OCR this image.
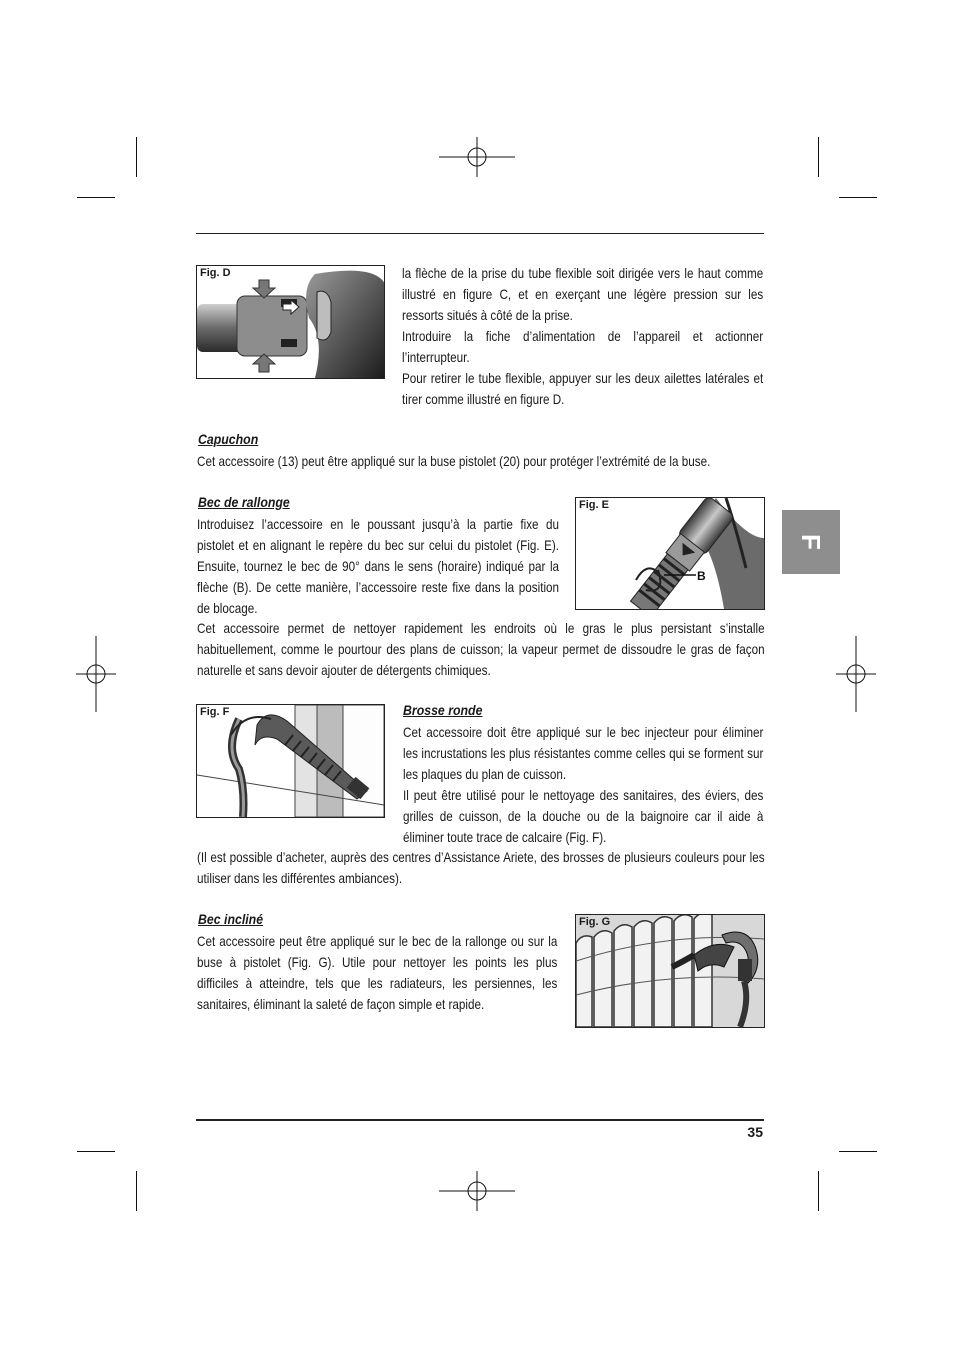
F
Fig. D	la flèche de la prise du tube flexible soit dirigée vers le haut comme illustré en figure C, et en exerçant une légère pression sur les ressorts situés à côté de la prise.

Introduire la fiche d’alimentation de l’appareil et actionner l’interrupteur.

Pour retirer le tube flexible, appuyer sur les deux ailettes latérales et tirer comme illustré en figure D.

Capuchon

Cet accessoire (13) peut être appliqué sur la buse pistolet (20) pour protéger l’extrémité de la buse.

Bec de rallonge

Introduisez l’accessoire en le poussant jusqu’à la partie fixe du pistolet et en alignant le repère du bec sur celui du pistolet (Fig. E). Ensuite, tournez le bec de 90° dans le sens (horaire) indiqué par la flèche (B). De cette manière, l’accessoire reste fixe dans la position de blocage.

Cet accessoire permet de nettoyer rapidement les endroits où le gras le plus persistant s’installe habituellement, comme le pourtour des plans de cuisson; la vapeur permet de dissoudre le gras de façon naturelle et sans devoir ajouter de détergents chimiques.

Fig. E
B
Fig. F	Brosse ronde

Cet accessoire doit être appliqué sur le bec injecteur pour éliminer les incrustations les plus résistantes comme celles qui se forment sur les plaques du plan de cuisson.

Il peut être utilisé pour le nettoyage des sanitaires, des éviers, des grilles de cuisson, de la douche ou de la baignoire car il aide à éliminer toute trace de calcaire (Fig. F).

(Il est possible d’acheter, auprès des centres d’Assistance Ariete, des brosses de plusieurs couleurs pour les utiliser dans les différentes ambiances).

Bec incliné

Cet accessoire peut être appliqué sur le bec de la rallonge ou sur la buse à pistolet (Fig. G). Utile pour nettoyer les points les plus difficiles à atteindre, tels que les radiateurs, les persiennes, les sanitaires, éliminant la saleté de façon simple et rapide.

Fig. G
35
